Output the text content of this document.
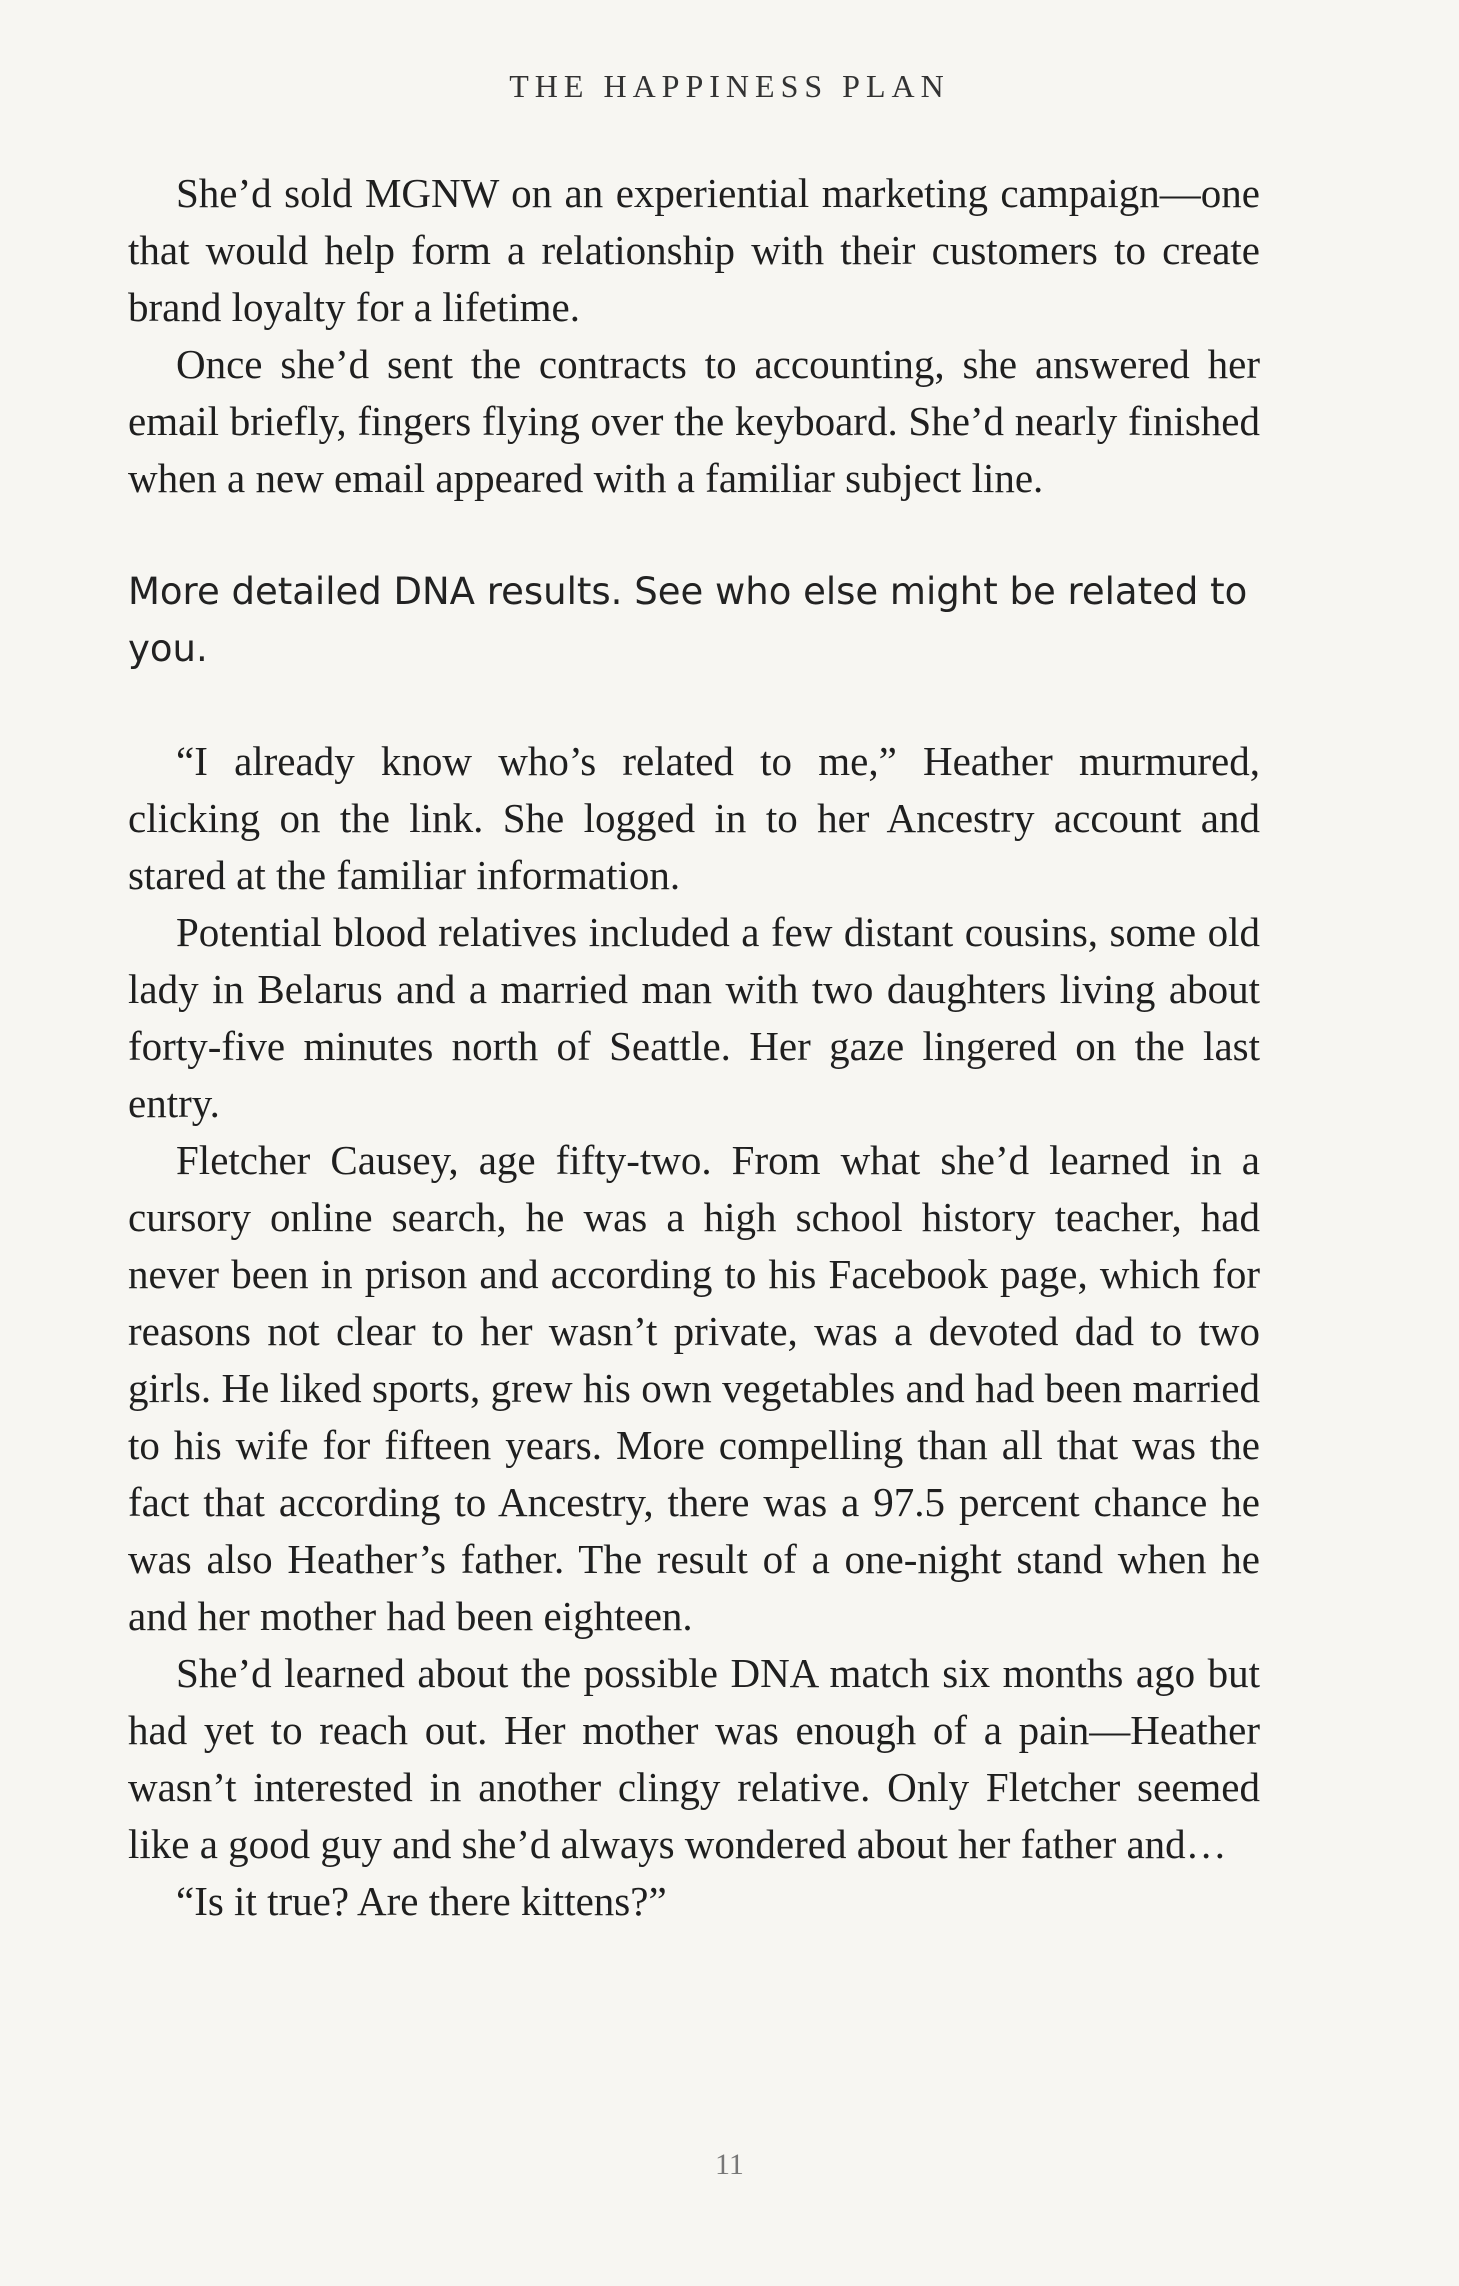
THE HAPPINESS PLAN

She’d sold MGNW on an experiential marketing campaign—one that would help form a relationship with their customers to create brand loyalty for a lifetime.

Once she’d sent the contracts to accounting, she answered her email briefly, fingers flying over the keyboard. She’d nearly finished when a new email appeared with a familiar subject line.

More detailed DNA results. See who else might be related to you.

“I already know who’s related to me,” Heather murmured, clicking on the link. She logged in to her Ancestry account and stared at the familiar information.

Potential blood relatives included a few distant cousins, some old lady in Belarus and a married man with two daughters living about forty-five minutes north of Seattle. Her gaze lingered on the last entry.

Fletcher Causey, age fifty-two. From what she’d learned in a cursory online search, he was a high school history teacher, had never been in prison and according to his Facebook page, which for reasons not clear to her wasn’t private, was a devoted dad to two girls. He liked sports, grew his own vegetables and had been married to his wife for fifteen years. More compelling than all that was the fact that according to Ancestry, there was a 97.5 percent chance he was also Heather’s father. The result of a one-night stand when he and her mother had been eighteen.

She’d learned about the possible DNA match six months ago but had yet to reach out. Her mother was enough of a pain—Heather wasn’t interested in another clingy relative. Only Fletcher seemed like a good guy and she’d always wondered about her father and…

“Is it true? Are there kittens?”

11
